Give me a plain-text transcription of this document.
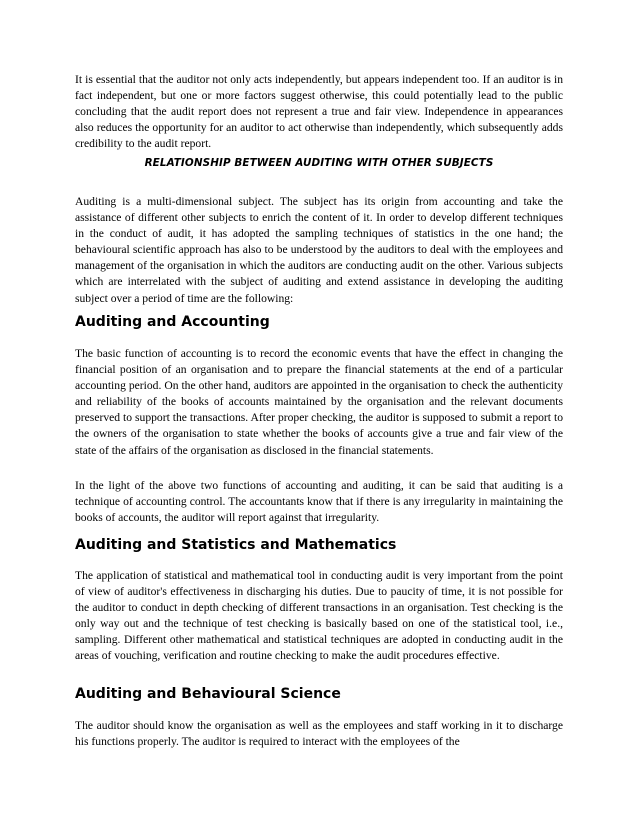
It is essential that the auditor not only acts independently, but appears independent too. If an auditor is in fact independent, but one or more factors suggest otherwise, this could potentially lead to the public concluding that the audit report does not represent a true and fair view. Independence in appearances also reduces the opportunity for an auditor to act otherwise than independently, which subsequently adds credibility to the audit report.

RELATIONSHIP BETWEEN AUDITING WITH OTHER SUBJECTS

Auditing is a multi-dimensional subject. The subject has its origin from accounting and take the assistance of different other subjects to enrich the content of it. In order to develop different techniques in the conduct of audit, it has adopted the sampling techniques of statistics in the one hand; the behavioural scientific approach has also to be understood by the auditors to deal with the employees and management of the organisation in which the auditors are conducting audit on the other. Various subjects which are interrelated with the subject of auditing and extend assistance in developing the auditing subject over a period of time are the following:

Auditing and Accounting

The basic function of accounting is to record the economic events that have the effect in changing the financial position of an organisation and to prepare the financial statements at the end of a particular accounting period. On the other hand, auditors are appointed in the organisation to check the authenticity and reliability of the books of accounts maintained by the organisation and the relevant documents preserved to support the transactions. After proper checking, the auditor is supposed to submit a report to the owners of the organisation to state whether the books of accounts give a true and fair view of the state of the affairs of the organisation as disclosed in the financial statements.

In the light of the above two functions of accounting and auditing, it can be said that auditing is a technique of accounting control. The accountants know that if there is any irregularity in maintaining the books of accounts, the auditor will report against that irregularity.

Auditing and Statistics and Mathematics

The application of statistical and mathematical tool in conducting audit is very important from the point of view of auditor's effectiveness in discharging his duties. Due to paucity of time, it is not possible for the auditor to conduct in depth checking of different transactions in an organisation. Test checking is the only way out and the technique of test checking is basically based on one of the statistical tool, i.e., sampling. Different other mathematical and statistical techniques are adopted in conducting audit in the areas of vouching, verification and routine checking to make the audit procedures effective.

Auditing and Behavioural Science

The auditor should know the organisation as well as the employees and staff working in it to discharge his functions properly. The auditor is required to interact with the employees of the
